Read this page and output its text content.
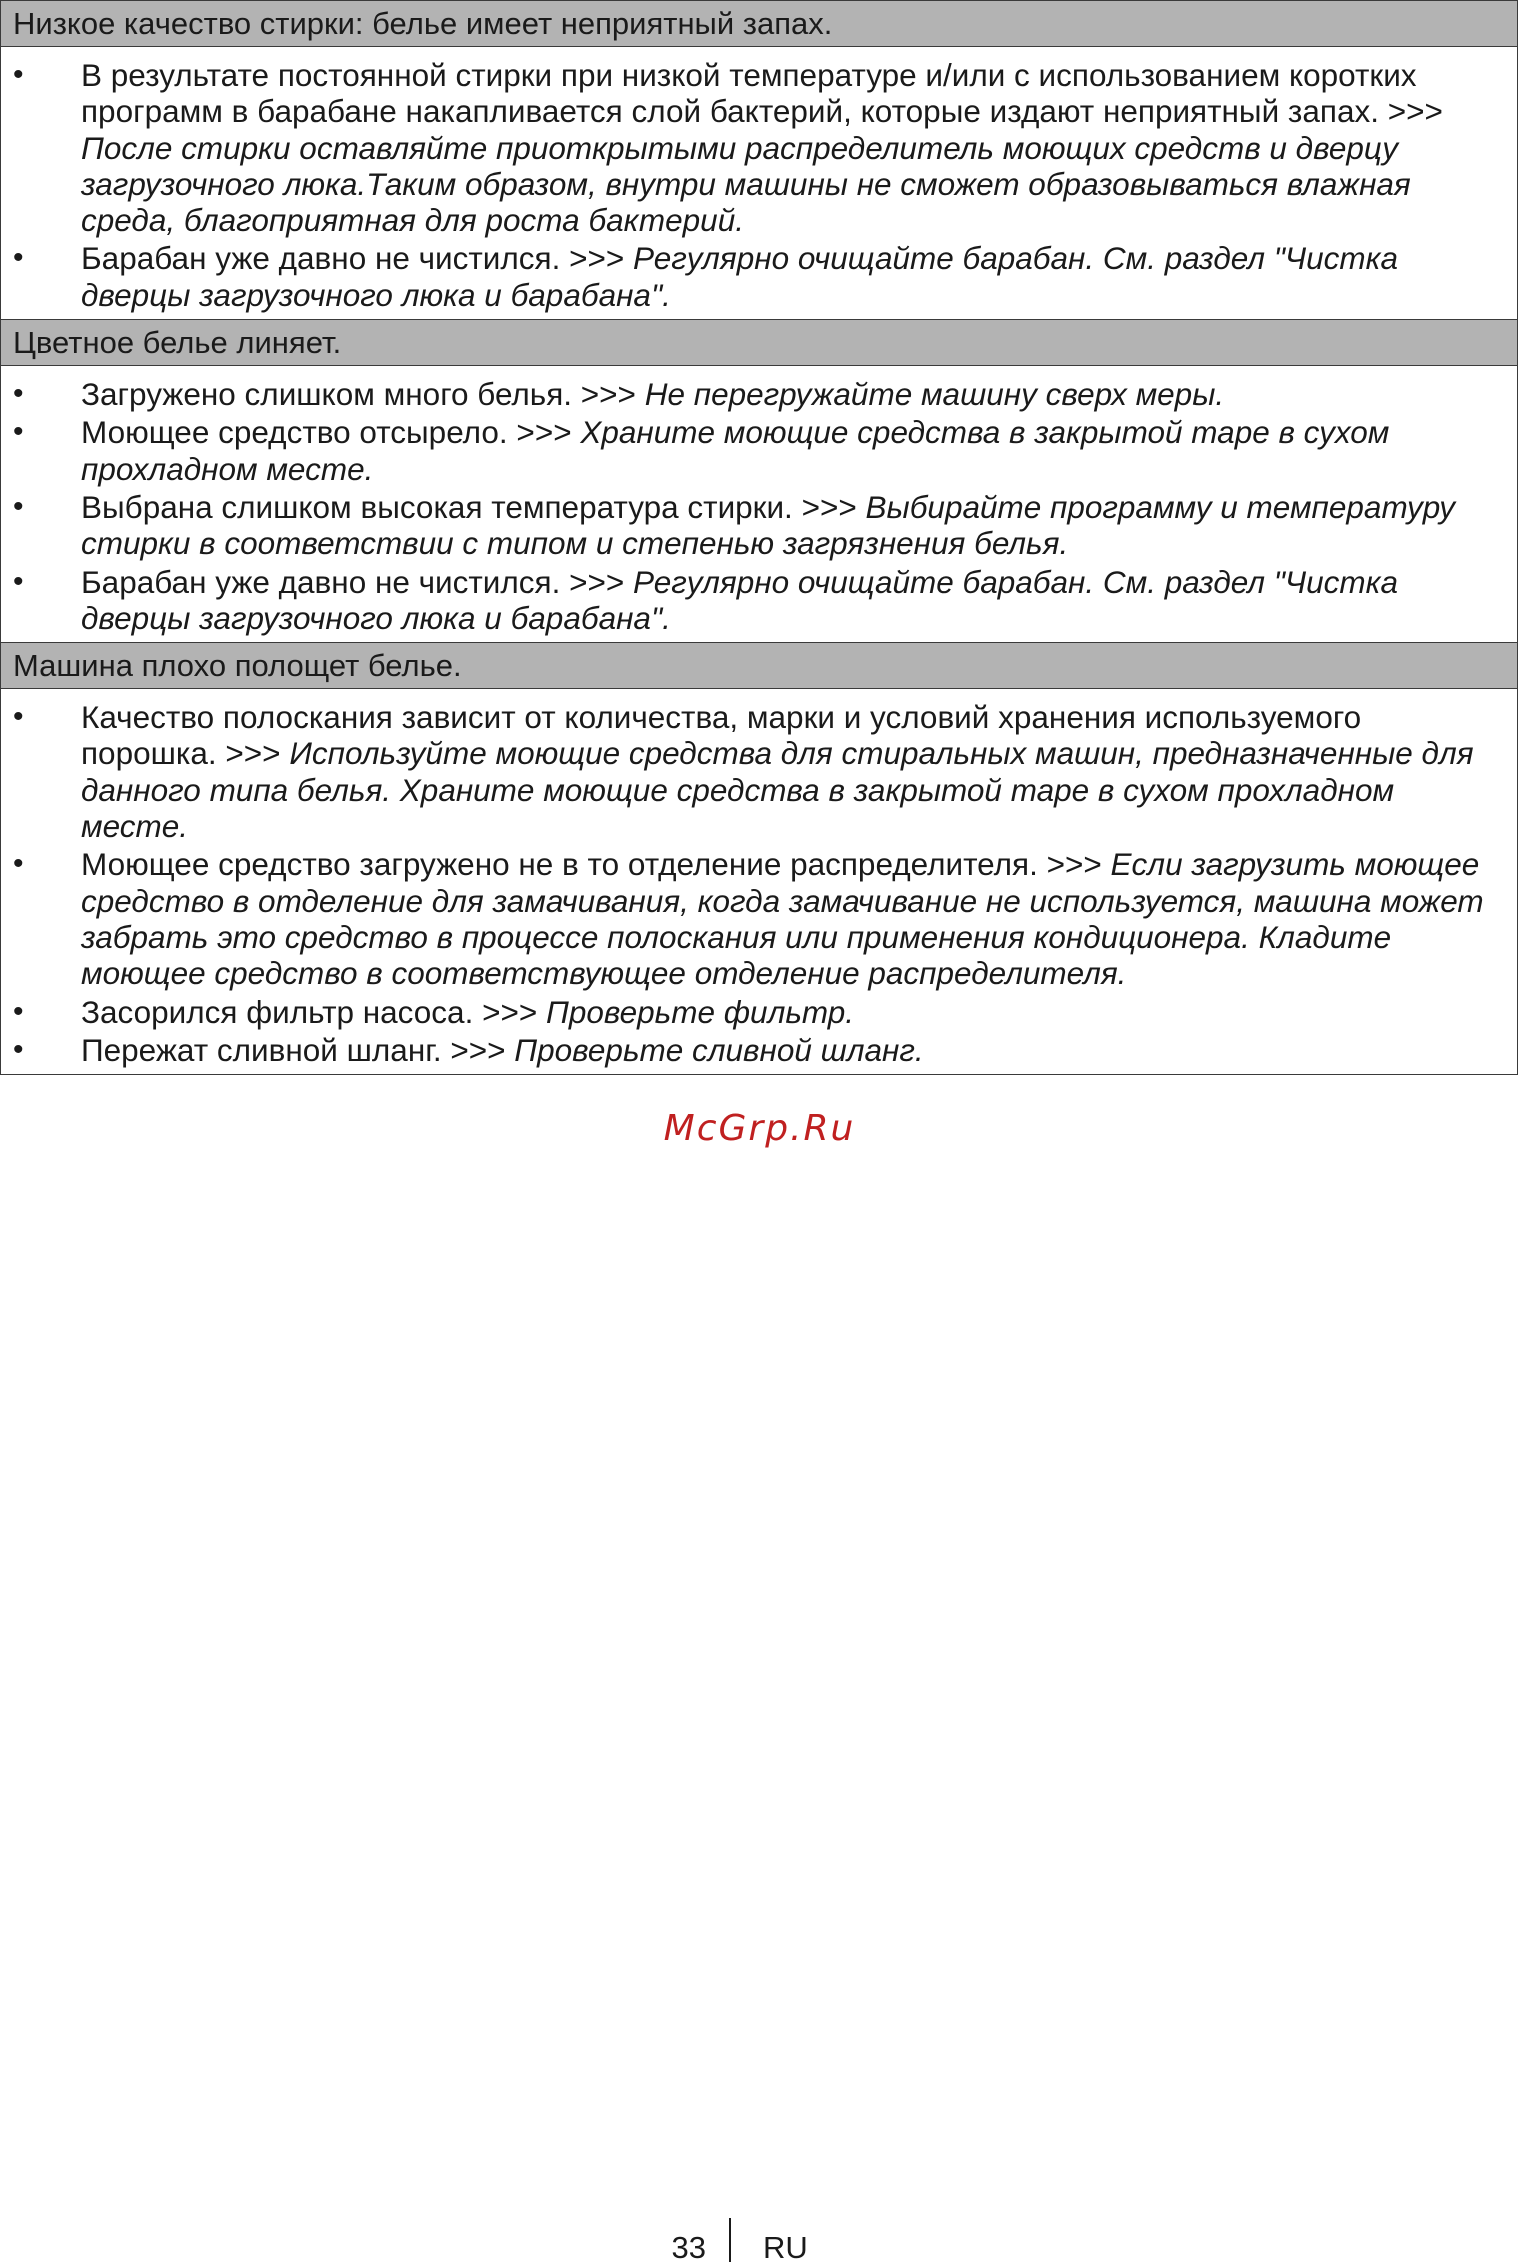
Низкое качество стирки: белье имеет неприятный запах.
• В результате постоянной стирки при низкой температуре и/или с использованием коротких программ в барабане накапливается слой бактерий, которые издают неприятный запах. >>> После стирки оставляйте приоткрытыми распределитель моющих средств и дверцу загрузочного люка.Таким образом, внутри машины не сможет образовываться влажная среда, благоприятная для роста бактерий.
• Барабан уже давно не чистился. >>> Регулярно очищайте барабан. См. раздел "Чистка дверцы загрузочного люка и барабана".
Цветное белье линяет.
• Загружено слишком много белья. >>> Не перегружайте машину сверх меры.
• Моющее средство отсырело. >>> Храните моющие средства в закрытой таре в сухом прохладном месте.
• Выбрана слишком высокая температура стирки. >>> Выбирайте программу и температуру стирки в соответствии с типом и степенью загрязнения белья.
• Барабан уже давно не чистился. >>> Регулярно очищайте барабан. См. раздел "Чистка дверцы загрузочного люка и барабана".
Машина плохо полощет белье.
• Качество полоскания зависит от количества, марки и условий хранения используемого порошка. >>> Используйте моющие средства для стиральных машин, предназначенные для данного типа белья. Храните моющие средства в закрытой таре в сухом прохладном месте.
• Моющее средство загружено не в то отделение распределителя. >>> Если загрузить моющее средство в отделение для замачивания, когда замачивание не используется, машина может забрать это средство в процессе полоскания или применения кондиционера. Кладите моющее средство в соответствующее отделение распределителя.
• Засорился фильтр насоса. >>> Проверьте фильтр.
• Пережат сливной шланг. >>> Проверьте сливной шланг.
McGrp.Ru
33 RU
